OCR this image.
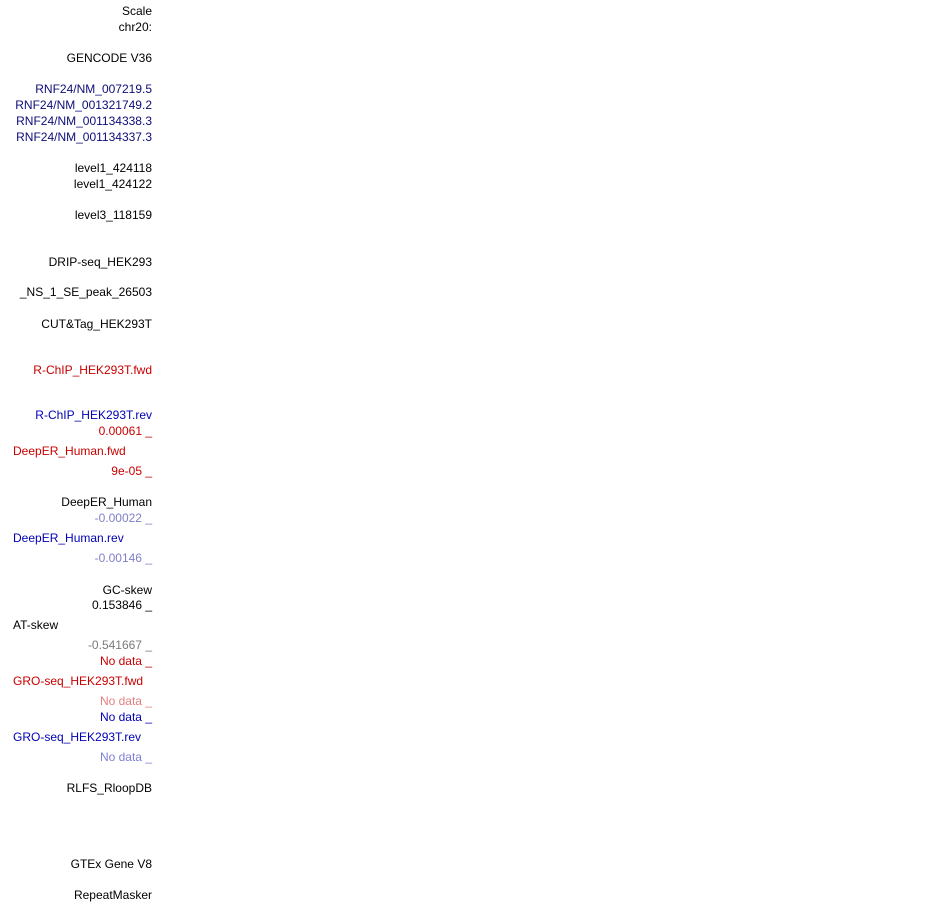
Scale
chr20:
GENCODE V36
RNF24/NM_007219.5
RNF24/NM_001321749.2
RNF24/NM_001134338.3
RNF24/NM_001134337.3
level1_424118
level1_424122
level3_118159
DRIP-seq_HEK293
_NS_1_SE_peak_26503
CUT&Tag_HEK293T
R-ChIP_HEK293T.fwd
R-ChIP_HEK293T.rev
0.00061 _
DeepER_Human.fwd
9e-05 _
DeepER_Human
-0.00022 _
DeepER_Human.rev
-0.00146 _
GC-skew
0.153846 _
AT-skew
-0.541667 _
No data _
GRO-seq_HEK293T.fwd
No data _
No data _
GRO-seq_HEK293T.rev
No data _
RLFS_RloopDB
GTEx Gene V8
RepeatMasker
